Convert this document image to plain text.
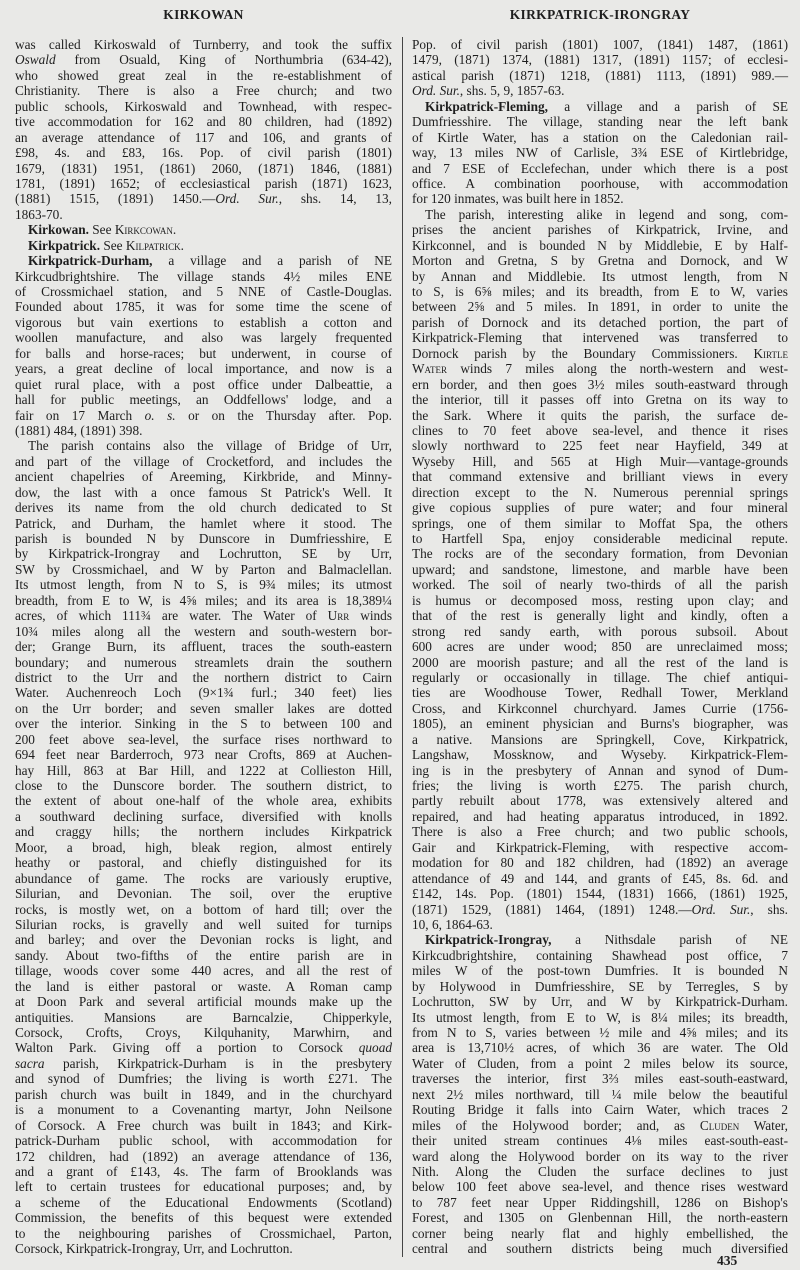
KIRKOWAN	KIRKPATRICK-IRONGRAY
was called Kirkoswald of Turnberry, and took the suffix
Oswald from Osuald, King of Northumbria (634-42),
who showed great zeal in the re-establishment of
Christianity. There is also a Free church; and two
public schools, Kirkoswald and Townhead, with respec-
tive accommodation for 162 and 80 children, had (1892)
an average attendance of 117 and 106, and grants of
£98, 4s. and £83, 16s. Pop. of civil parish (1801)
1679, (1831) 1951, (1861) 2060, (1871) 1846, (1881)
1781, (1891) 1652; of ecclesiastical parish (1871) 1623,
(1881) 1515, (1891) 1450.—Ord. Sur., shs. 14, 13,
1863-70.
Kirkowan. See Kirkcowan.
Kirkpatrick. See Kilpatrick.
Kirkpatrick-Durham, a village and a parish of NE
Kirkcudbrightshire. The village stands 4½ miles ENE
of Crossmichael station, and 5 NNE of Castle-Douglas.
Founded about 1785, it was for some time the scene of
vigorous but vain exertions to establish a cotton and
woollen manufacture, and also was largely frequented
for balls and horse-races; but underwent, in course of
years, a great decline of local importance, and now is a
quiet rural place, with a post office under Dalbeattie, a
hall for public meetings, an Oddfellows' lodge, and a
fair on 17 March o. s. or on the Thursday after. Pop.
(1881) 484, (1891) 398.
The parish contains also the village of Bridge of Urr,
and part of the village of Crocketford, and includes the
ancient chapelries of Areeming, Kirkbride, and Minny-
dow, the last with a once famous St Patrick's Well. It
derives its name from the old church dedicated to St
Patrick, and Durham, the hamlet where it stood. The
parish is bounded N by Dunscore in Dumfriesshire, E
by Kirkpatrick-Irongray and Lochrutton, SE by Urr,
SW by Crossmichael, and W by Parton and Balmaclellan.
Its utmost length, from N to S, is 9¾ miles; its utmost
breadth, from E to W, is 4⅝ miles; and its area is 18,389¼
acres, of which 111¾ are water. The Water of Urr winds
10¾ miles along all the western and south-western bor-
der; Grange Burn, its affluent, traces the south-eastern
boundary; and numerous streamlets drain the southern
district to the Urr and the northern district to Cairn
Water. Auchenreoch Loch (9×1¾ furl.; 340 feet) lies
on the Urr border; and seven smaller lakes are dotted
over the interior. Sinking in the S to between 100 and
200 feet above sea-level, the surface rises northward to
694 feet near Barderroch, 973 near Crofts, 869 at Auchen-
hay Hill, 863 at Bar Hill, and 1222 at Collieston Hill,
close to the Dunscore border. The southern district, to
the extent of about one-half of the whole area, exhibits
a southward declining surface, diversified with knolls
and craggy hills; the northern includes Kirkpatrick
Moor, a broad, high, bleak region, almost entirely
heathy or pastoral, and chiefly distinguished for its
abundance of game. The rocks are variously eruptive,
Silurian, and Devonian. The soil, over the eruptive
rocks, is mostly wet, on a bottom of hard till; over the
Silurian rocks, is gravelly and well suited for turnips
and barley; and over the Devonian rocks is light, and
sandy. About two-fifths of the entire parish are in
tillage, woods cover some 440 acres, and all the rest of
the land is either pastoral or waste. A Roman camp
at Doon Park and several artificial mounds make up the
antiquities. Mansions are Barncalzie, Chipperkyle,
Corsock, Crofts, Croys, Kilquhanity, Marwhirn, and
Walton Park. Giving off a portion to Corsock quoad
sacra parish, Kirkpatrick-Durham is in the presbytery
and synod of Dumfries; the living is worth £271. The
parish church was built in 1849, and in the churchyard
is a monument to a Covenanting martyr, John Neilsone
of Corsock. A Free church was built in 1843; and Kirk-
patrick-Durham public school, with accommodation for
172 children, had (1892) an average attendance of 136,
and a grant of £143, 4s. The farm of Brooklands was
left to certain trustees for educational purposes; and, by
a scheme of the Educational Endowments (Scotland)
Commission, the benefits of this bequest were extended
to the neighbouring parishes of Crossmichael, Parton,
Corsock, Kirkpatrick-Irongray, Urr, and Lochrutton.
Pop. of civil parish (1801) 1007, (1841) 1487, (1861)
1479, (1871) 1374, (1881) 1317, (1891) 1157; of ecclesi-
astical parish (1871) 1218, (1881) 1113, (1891) 989.—
Ord. Sur., shs. 5, 9, 1857-63.
Kirkpatrick-Fleming, a village and a parish of SE
Dumfriesshire. The village, standing near the left bank
of Kirtle Water, has a station on the Caledonian rail-
way, 13 miles NW of Carlisle, 3¾ ESE of Kirtlebridge,
and 7 ESE of Ecclefechan, under which there is a post
office. A combination poorhouse, with accommodation
for 120 inmates, was built here in 1852.
The parish, interesting alike in legend and song, com-
prises the ancient parishes of Kirkpatrick, Irvine, and
Kirkconnel, and is bounded N by Middlebie, E by Half-
Morton and Gretna, S by Gretna and Dornock, and W
by Annan and Middlebie. Its utmost length, from N
to S, is 6⅝ miles; and its breadth, from E to W, varies
between 2⅝ and 5 miles. In 1891, in order to unite the
parish of Dornock and its detached portion, the part of
Kirkpatrick-Fleming that intervened was transferred to
Dornock parish by the Boundary Commissioners. Kirtle
Water winds 7 miles along the north-western and west-
ern border, and then goes 3½ miles south-eastward through
the interior, till it passes off into Gretna on its way to
the Sark. Where it quits the parish, the surface de-
clines to 70 feet above sea-level, and thence it rises
slowly northward to 225 feet near Hayfield, 349 at
Wyseby Hill, and 565 at High Muir—vantage-grounds
that command extensive and brilliant views in every
direction except to the N. Numerous perennial springs
give copious supplies of pure water; and four mineral
springs, one of them similar to Moffat Spa, the others
to Hartfell Spa, enjoy considerable medicinal repute.
The rocks are of the secondary formation, from Devonian
upward; and sandstone, limestone, and marble have been
worked. The soil of nearly two-thirds of all the parish
is humus or decomposed moss, resting upon clay; and
that of the rest is generally light and kindly, often a
strong red sandy earth, with porous subsoil. About
600 acres are under wood; 850 are unreclaimed moss;
2000 are moorish pasture; and all the rest of the land is
regularly or occasionally in tillage. The chief antiqui-
ties are Woodhouse Tower, Redhall Tower, Merkland
Cross, and Kirkconnel churchyard. James Currie (1756-
1805), an eminent physician and Burns's biographer, was
a native. Mansions are Springkell, Cove, Kirkpatrick,
Langshaw, Mossknow, and Wyseby. Kirkpatrick-Flem-
ing is in the presbytery of Annan and synod of Dum-
fries; the living is worth £275. The parish church,
partly rebuilt about 1778, was extensively altered and
repaired, and had heating apparatus introduced, in 1892.
There is also a Free church; and two public schools,
Gair and Kirkpatrick-Fleming, with respective accom-
modation for 80 and 182 children, had (1892) an average
attendance of 49 and 144, and grants of £45, 8s. 6d. and
£142, 14s. Pop. (1801) 1544, (1831) 1666, (1861) 1925,
(1871) 1529, (1881) 1464, (1891) 1248.—Ord. Sur., shs.
10, 6, 1864-63.
Kirkpatrick-Irongray, a Nithsdale parish of NE
Kirkcudbrightshire, containing Shawhead post office, 7
miles W of the post-town Dumfries. It is bounded N
by Holywood in Dumfriesshire, SE by Terregles, S by
Lochrutton, SW by Urr, and W by Kirkpatrick-Durham.
Its utmost length, from E to W, is 8¼ miles; its breadth,
from N to S, varies between ½ mile and 4⅝ miles; and its
area is 13,710½ acres, of which 36 are water. The Old
Water of Cluden, from a point 2 miles below its source,
traverses the interior, first 3⅔ miles east-south-eastward,
next 2½ miles northward, till ¼ mile below the beautiful
Routing Bridge it falls into Cairn Water, which traces 2
miles of the Holywood border; and, as Cluden Water,
their united stream continues 4⅛ miles east-south-east-
ward along the Holywood border on its way to the river
Nith. Along the Cluden the surface declines to just
below 100 feet above sea-level, and thence rises westward
to 787 feet near Upper Riddingshill, 1286 on Bishop's
Forest, and 1305 on Glenbennan Hill, the north-eastern
corner being nearly flat and highly embellished, the
central and southern districts being much diversified
435
